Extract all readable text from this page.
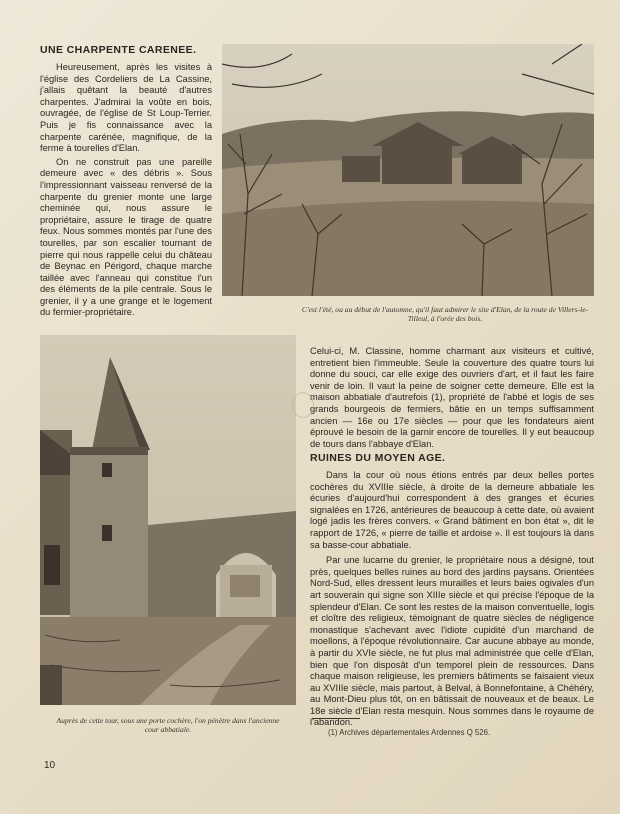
UNE CHARPENTE CARENEE.

Heureusement, après les visites à l'église des Cordeliers de La Cassine, j'allais quêtant la beauté d'autres charpentes. J'admirai la voûte en bois, ouvragée, de l'église de St Loup-Terrier. Puis je fis connaissance avec la charpente carénée, magnifique, de la ferme à tourelles d'Elan.

On ne construit pas une pareille demeure avec « des débris ». Sous l'impressionnant vaisseau renversé de la charpente du grenier monte une large cheminée qui, nous assure le propriétaire, assure le tirage de quatre feux. Nous sommes montés par l'une des tourelles, par son escalier tournant de pierre qui nous rappelle celui du château de Beynac en Périgord, chaque marche taillée avec l'anneau qui constitue l'un des éléments de la pile centrale. Sous le grenier, il y a une grange et le logement du fermier-propriétaire.	C'est l'été, ou au début de l'automne, qu'il faut admirer le site d'Elan, de la route de Villers-le-Tilleul, à l'orée des bois.

Auprès de cette tour, sous une porte cochère, l'on pénètre dans l'ancienne cour abbatiale.

Celui-ci, M. Classine, homme charmant aux visiteurs et cultivé, entretient bien l'immeuble. Seule la couverture des quatre tours lui donne du souci, car elle exige des ouvriers d'art, et il faut les faire venir de loin. Il vaut la peine de soigner cette demeure. Elle est la maison abbatiale d'autrefois (1), propriété de l'abbé et logis de ses grands bourgeois de fermiers, bâtie en un temps suffisamment ancien — 16e ou 17e siècles — pour que les fondateurs aient éprouvé le besoin de la garnir encore de tourelles. Il y eut beaucoup de tours dans l'abbaye d'Elan.

RUINES DU MOYEN AGE.

Dans la cour où nous étions entrés par deux belles portes cochères du XVIIIe siècle, à droite de la demeure abbatiale les écuries d'aujourd'hui correspondent à des granges et écuries signalées en 1726, antérieures de beaucoup à cette date, où avaient logé jadis les frères convers. « Grand bâtiment en bon état », dit le rapport de 1726, « pierre de taille et ardoise ». Il est toujours là dans sa basse-cour abbatiale.

Par une lucarne du grenier, le propriétaire nous a désigné, tout près, quelques belles ruines au bord des jardins paysans. Orientées Nord-Sud, elles dressent leurs murailles et leurs baies ogivales d'un art souverain qui signe son XIIIe siècle et qui précise l'époque de la splendeur d'Elan. Ce sont les restes de la maison conventuelle, logis et cloître des religieux, témoignant de quatre siècles de négligence monastique s'achevant avec l'idiote cupidité d'un marchand de moellons, à l'époque révolutionnaire. Car aucune abbaye au monde, à partir du XVIe siècle, ne fut plus mal administrée que celle d'Elan, bien que l'on disposât d'un temporel plein de ressources. Dans chaque maison religieuse, les premiers bâtiments se faisaient vieux au XVIIIe siècle, mais partout, à Belval, à Bonnefontaine, à Chéhéry, au Mont-Dieu plus tôt, on en bâtissait de nouveaux et de beaux. Le 18e siècle d'Elan resta mesquin. Nous sommes dans le royaume de l'abandon.

(1) Archives départementales Ardennes Q 526.

10
